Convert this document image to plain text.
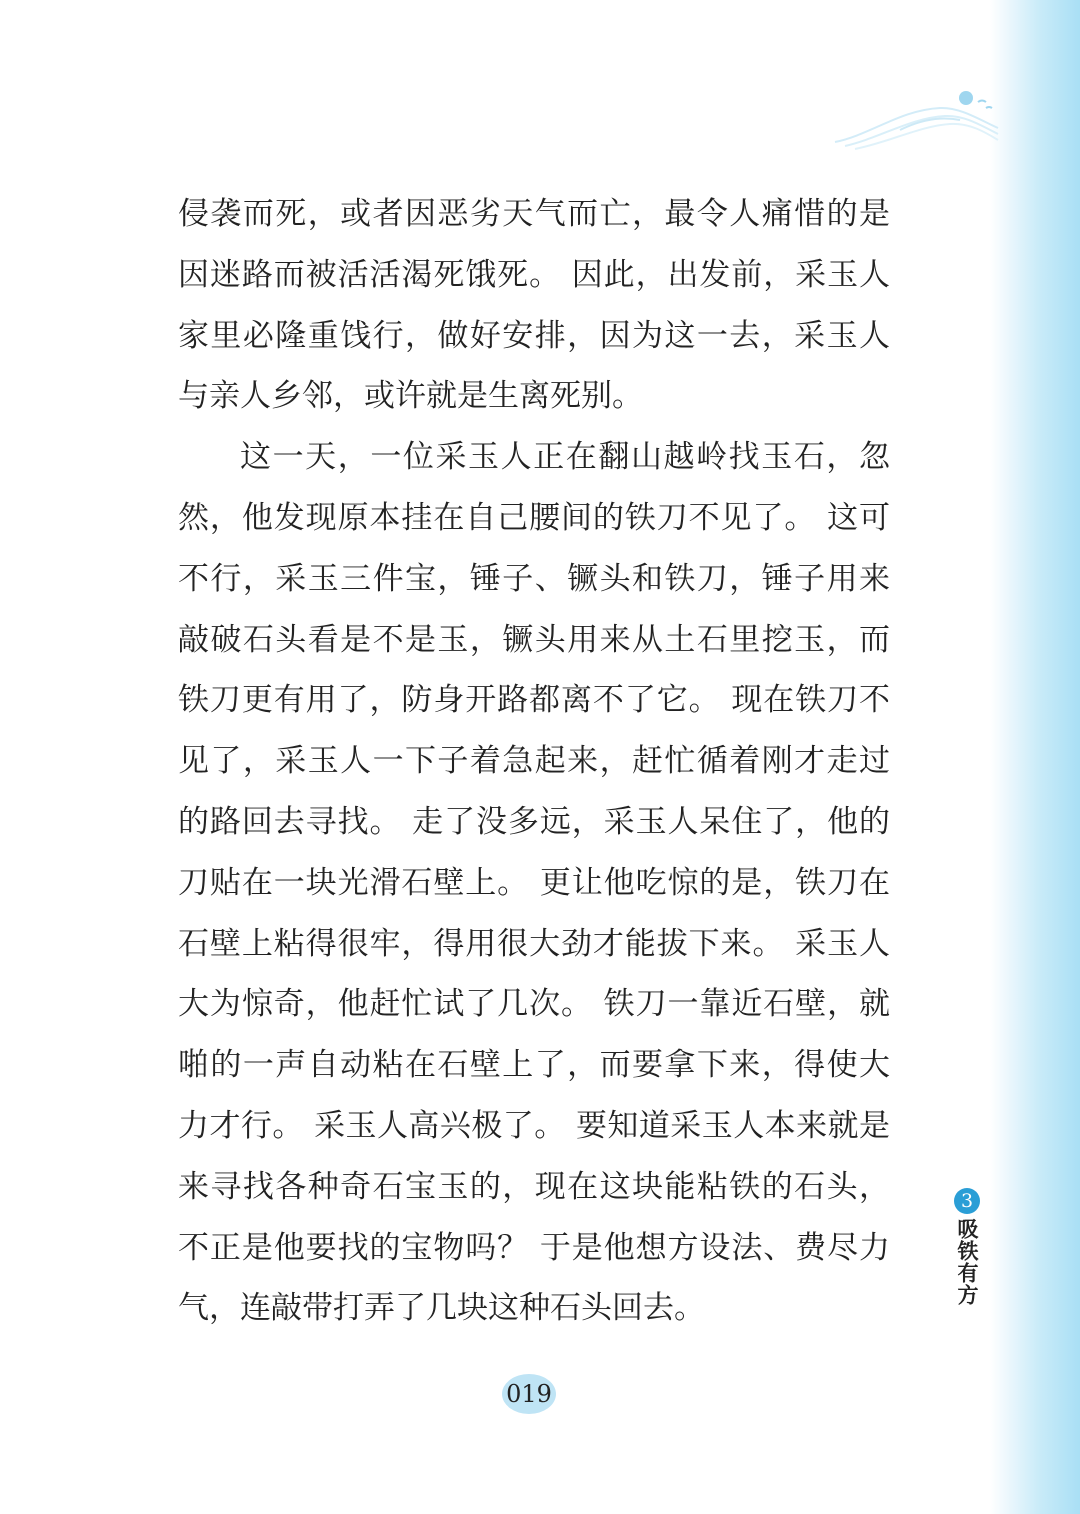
侵袭而死，或者因恶劣天气而亡，最令人痛惜的是因迷路而被活活渴死饿死。 因此，出发前，采玉人家里必隆重饯行，做好安排，因为这一去，采玉人与亲人乡邻，或许就是生离死别。

这一天，一位采玉人正在翻山越岭找玉石，忽然，他发现原本挂在自己腰间的铁刀不见了。 这可不行，采玉三件宝，锤子、镢头和铁刀，锤子用来敲破石头看是不是玉，镢头用来从土石里挖玉，而铁刀更有用了，防身开路都离不了它。 现在铁刀不见了，采玉人一下子着急起来，赶忙循着刚才走过的路回去寻找。 走了没多远，采玉人呆住了，他的刀贴在一块光滑石壁上。 更让他吃惊的是，铁刀在石壁上粘得很牢，得用很大劲才能拔下来。 采玉人大为惊奇，他赶忙试了几次。 铁刀一靠近石壁，就啪的一声自动粘在石壁上了，而要拿下来，得使大力才行。 采玉人高兴极了。 要知道采玉人本来就是来寻找各种奇石宝玉的，现在这块能粘铁的石头，不正是他要找的宝物吗？ 于是他想方设法、费尽力气，连敲带打弄了几块这种石头回去。

3
吸铁有方
019
